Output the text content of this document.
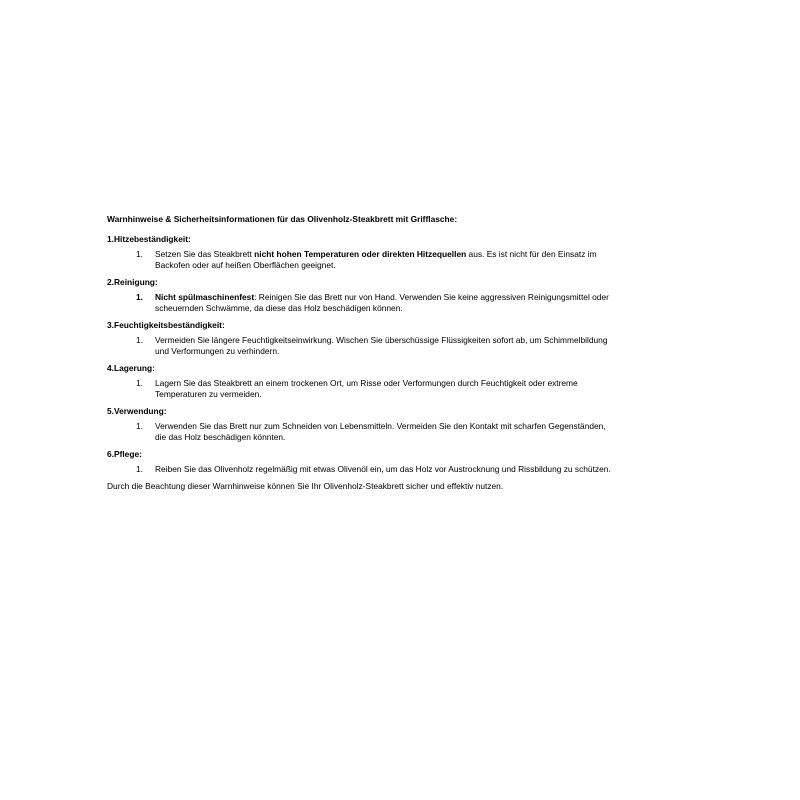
Warnhinweise & Sicherheitsinformationen für das Olivenholz-Steakbrett mit Grifflasche:
1.Hitzebeständigkeit:
1. Setzen Sie das Steakbrett nicht hohen Temperaturen oder direkten Hitzequellen aus. Es ist nicht für den Einsatz im Backofen oder auf heißen Oberflächen geeignet.
2.Reinigung:
1. Nicht spülmaschinenfest: Reinigen Sie das Brett nur von Hand. Verwenden Sie keine aggressiven Reinigungsmittel oder scheuernden Schwämme, da diese das Holz beschädigen können.
3.Feuchtigkeitsbeständigkeit:
1. Vermeiden Sie längere Feuchtigkeitseinwirkung. Wischen Sie überschüssige Flüssigkeiten sofort ab, um Schimmelbildung und Verformungen zu verhindern.
4.Lagerung:
1. Lagern Sie das Steakbrett an einem trockenen Ort, um Risse oder Verformungen durch Feuchtigkeit oder extreme Temperaturen zu vermeiden.
5.Verwendung:
1. Verwenden Sie das Brett nur zum Schneiden von Lebensmitteln. Vermeiden Sie den Kontakt mit scharfen Gegenständen, die das Holz beschädigen könnten.
6.Pflege:
1. Reiben Sie das Olivenholz regelmäßig mit etwas Olivenöl ein, um das Holz vor Austrocknung und Rissbildung zu schützen.
Durch die Beachtung dieser Warnhinweise können Sie Ihr Olivenholz-Steakbrett sicher und effektiv nutzen.
